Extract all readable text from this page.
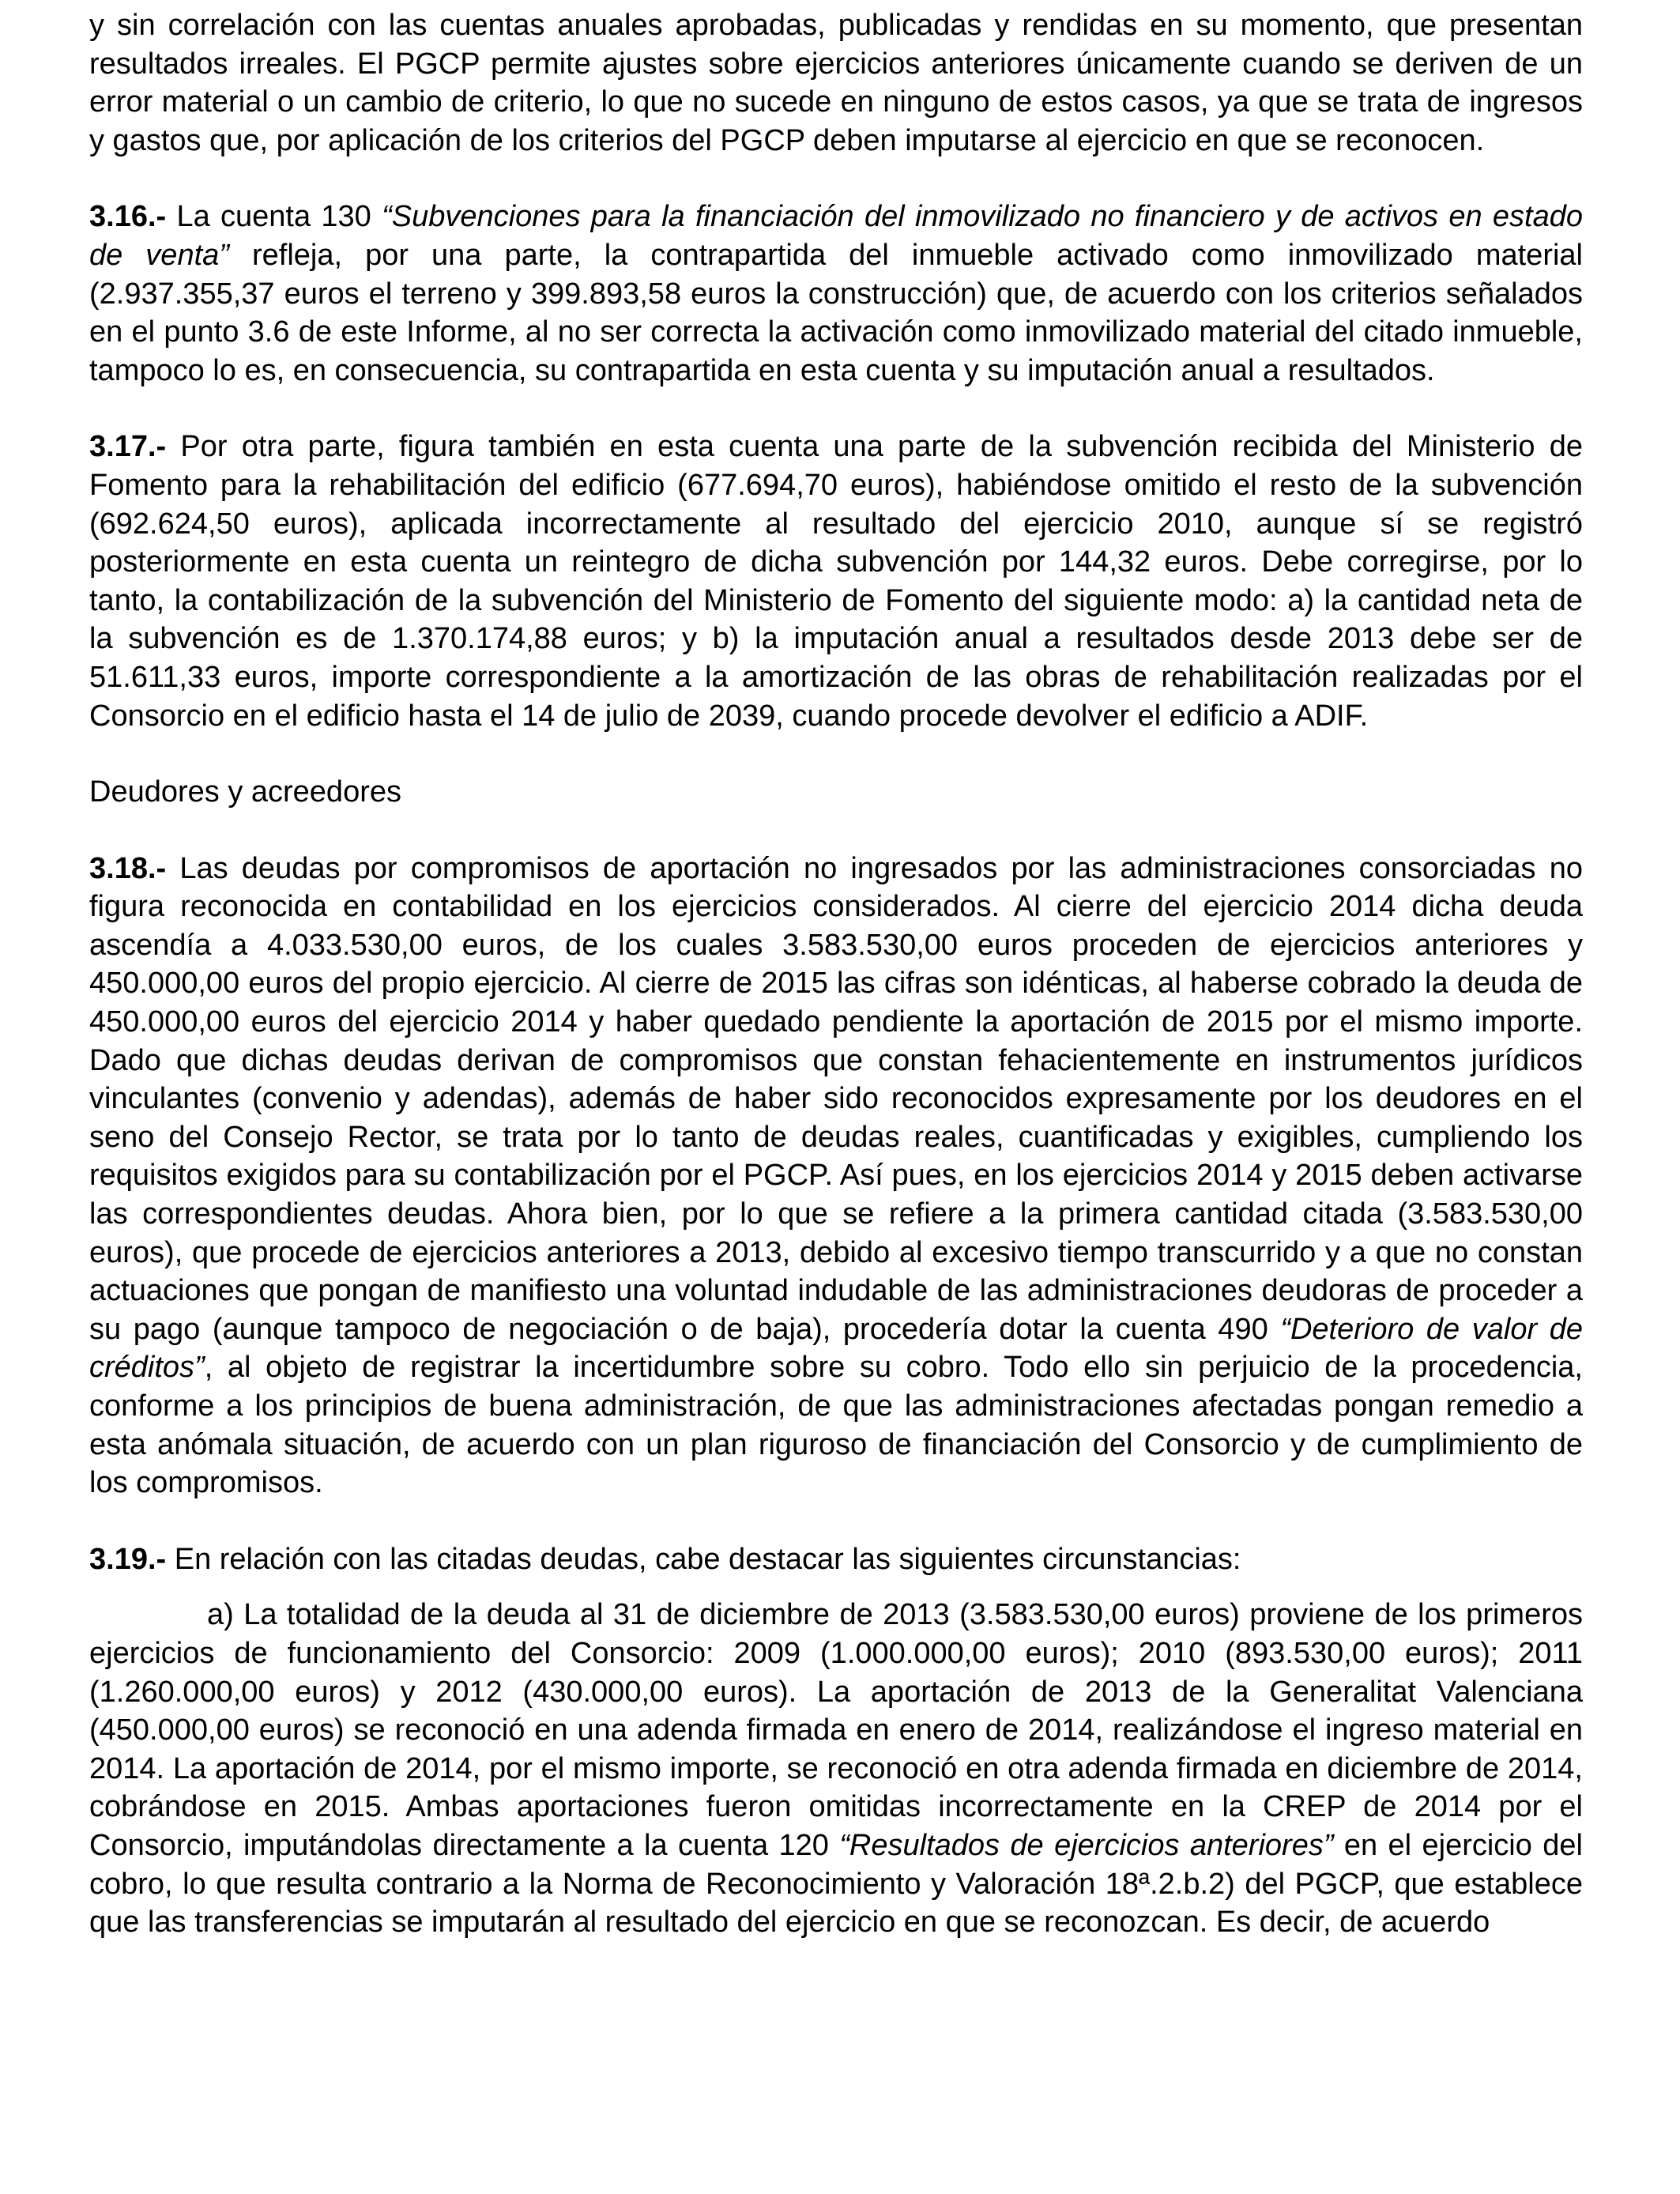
y sin correlación con las cuentas anuales aprobadas, publicadas y rendidas en su momento, que presentan resultados irreales. El PGCP permite ajustes sobre ejercicios anteriores únicamente cuando se deriven de un error material o un cambio de criterio, lo que no sucede en ninguno de estos casos, ya que se trata de ingresos y gastos que, por aplicación de los criterios del PGCP deben imputarse al ejercicio en que se reconocen.

3.16.- La cuenta 130 “Subvenciones para la financiación del inmovilizado no financiero y de activos en estado de venta” refleja, por una parte, la contrapartida del inmueble activado como inmovilizado material (2.937.355,37 euros el terreno y 399.893,58 euros la construcción) que, de acuerdo con los criterios señalados en el punto 3.6 de este Informe, al no ser correcta la activación como inmovilizado material del citado inmueble, tampoco lo es, en consecuencia, su contrapartida en esta cuenta y su imputación anual a resultados.

3.17.- Por otra parte, figura también en esta cuenta una parte de la subvención recibida del Ministerio de Fomento para la rehabilitación del edificio (677.694,70 euros), habiéndose omitido el resto de la subvención (692.624,50 euros), aplicada incorrectamente al resultado del ejercicio 2010, aunque sí se registró posteriormente en esta cuenta un reintegro de dicha subvención por 144,32 euros. Debe corregirse, por lo tanto, la contabilización de la subvención del Ministerio de Fomento del siguiente modo: a) la cantidad neta de la subvención es de 1.370.174,88 euros; y b) la imputación anual a resultados desde 2013 debe ser de 51.611,33 euros, importe correspondiente a la amortización de las obras de rehabilitación realizadas por el Consorcio en el edificio hasta el 14 de julio de 2039, cuando procede devolver el edificio a ADIF.

Deudores y acreedores

3.18.- Las deudas por compromisos de aportación no ingresados por las administraciones consorciadas no figura reconocida en contabilidad en los ejercicios considerados. Al cierre del ejercicio 2014 dicha deuda ascendía a 4.033.530,00 euros, de los cuales 3.583.530,00 euros proceden de ejercicios anteriores y 450.000,00 euros del propio ejercicio. Al cierre de 2015 las cifras son idénticas, al haberse cobrado la deuda de 450.000,00 euros del ejercicio 2014 y haber quedado pendiente la aportación de 2015 por el mismo importe. Dado que dichas deudas derivan de compromisos que constan fehacientemente en instrumentos jurídicos vinculantes (convenio y adendas), además de haber sido reconocidos expresamente por los deudores en el seno del Consejo Rector, se trata por lo tanto de deudas reales, cuantificadas y exigibles, cumpliendo los requisitos exigidos para su contabilización por el PGCP. Así pues, en los ejercicios 2014 y 2015 deben activarse las correspondientes deudas. Ahora bien, por lo que se refiere a la primera cantidad citada (3.583.530,00 euros), que procede de ejercicios anteriores a 2013, debido al excesivo tiempo transcurrido y a que no constan actuaciones que pongan de manifiesto una voluntad indudable de las administraciones deudoras de proceder a su pago (aunque tampoco de negociación o de baja), procedería dotar la cuenta 490 “Deterioro de valor de créditos”, al objeto de registrar la incertidumbre sobre su cobro. Todo ello sin perjuicio de la procedencia, conforme a los principios de buena administración, de que las administraciones afectadas pongan remedio a esta anómala situación, de acuerdo con un plan riguroso de financiación del Consorcio y de cumplimiento de los compromisos.

3.19.- En relación con las citadas deudas, cabe destacar las siguientes circunstancias:

a) La totalidad de la deuda al 31 de diciembre de 2013 (3.583.530,00 euros) proviene de los primeros ejercicios de funcionamiento del Consorcio: 2009 (1.000.000,00 euros); 2010 (893.530,00 euros); 2011 (1.260.000,00 euros) y 2012 (430.000,00 euros). La aportación de 2013 de la Generalitat Valenciana (450.000,00 euros) se reconoció en una adenda firmada en enero de 2014, realizándose el ingreso material en 2014. La aportación de 2014, por el mismo importe, se reconoció en otra adenda firmada en diciembre de 2014, cobrándose en 2015. Ambas aportaciones fueron omitidas incorrectamente en la CREP de 2014 por el Consorcio, imputándolas directamente a la cuenta 120 “Resultados de ejercicios anteriores” en el ejercicio del cobro, lo que resulta contrario a la Norma de Reconocimiento y Valoración 18ª.2.b.2) del PGCP, que establece que las transferencias se imputarán al resultado del ejercicio en que se reconozcan. Es decir, de acuerdo
